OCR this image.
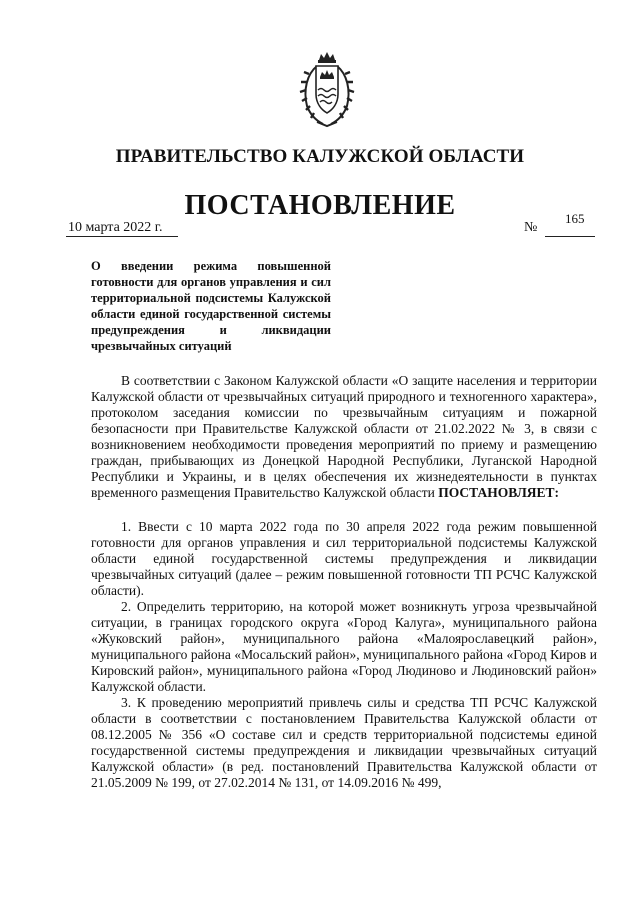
ПРАВИТЕЛЬСТВО КАЛУЖСКОЙ ОБЛАСТИ
ПОСТАНОВЛЕНИЕ
10 марта 2022 г.	№
165
О введении режима повышенной готовности для органов управления и сил территориальной подсистемы Калужской области единой государственной системы предупреждения и ликвидации чрезвычайных ситуаций

В соответствии с Законом Калужской области «О защите населения и территории Калужской области от чрезвычайных ситуаций природного и техногенного характера», протоколом заседания комиссии по чрезвычайным ситуациям и пожарной безопасности при Правительстве Калужской области от 21.02.2022 № 3, в связи с возникновением необходимости проведения мероприятий по приему и размещению граждан, прибывающих из Донецкой Народной Республики, Луганской Народной Республики и Украины, и в целях обеспечения их жизнедеятельности в пунктах временного размещения Правительство Калужской области ПОСТАНОВЛЯЕТ:

1. Ввести с 10 марта 2022 года по 30 апреля 2022 года режим повышенной готовности для органов управления и сил территориальной подсистемы Калужской области единой государственной системы предупреждения и ликвидации чрезвычайных ситуаций (далее – режим повышенной готовности ТП РСЧС Калужской области).

2. Определить территорию, на которой может возникнуть угроза чрезвычайной ситуации, в границах городского округа «Город Калуга», муниципального района «Жуковский район», муниципального района «Малоярославецкий район», муниципального района «Мосальский район», муниципального района «Город Киров и Кировский район», муниципального района «Город Людиново и Людиновский район» Калужской области.

3. К проведению мероприятий привлечь силы и средства ТП РСЧС Калужской области в соответствии с постановлением Правительства Калужской области от 08.12.2005 № 356 «О составе сил и средств территориальной подсистемы единой государственной системы предупреждения и ликвидации чрезвычайных ситуаций Калужской области» (в ред. постановлений Правительства Калужской области от 21.05.2009 № 199, от 27.02.2014 № 131, от 14.09.2016 № 499,
